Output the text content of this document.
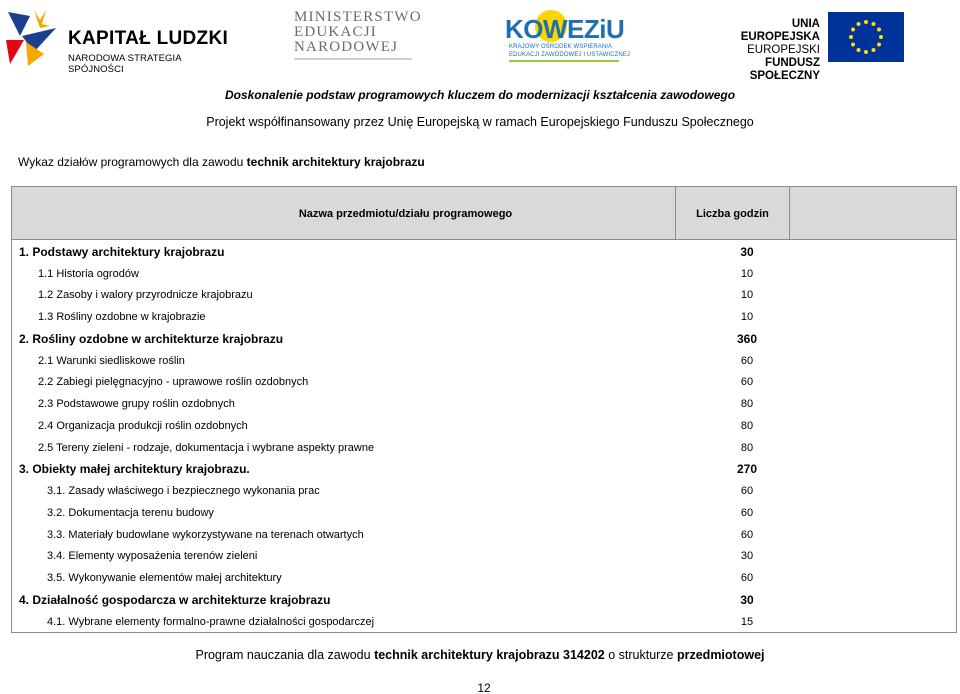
KAPITAŁ LUDZKI
NARODOWA STRATEGIA SPÓJNOŚCI
MINISTERSTWO
EDUKACJI
NARODOWEJ
KOWEZiU
KRAJOWY OŚRODEK WSPIERANIA
EDUKACJI ZAWODOWEJ I USTAWICZNEJ
UNIA EUROPEJSKA
EUROPEJSKI
FUNDUSZ SPOŁECZNY
Doskonalenie podstaw programowych kluczem do modernizacji kształcenia zawodowego
Projekt współfinansowany przez Unię Europejską w ramach Europejskiego Funduszu Społecznego
Wykaz działów programowych dla zawodu technik architektury krajobrazu
Nazwa przedmiotu/działu programowego	Liczba godzin
1. Podstawy architektury krajobrazu	30
1.1 Historia ogrodów	10
1.2 Zasoby i walory przyrodnicze krajobrazu	10
1.3 Rośliny ozdobne w krajobrazie	10
2. Rośliny ozdobne w architekturze krajobrazu	360
2.1 Warunki siedliskowe roślin	60
2.2 Zabiegi pielęgnacyjno - uprawowe roślin ozdobnych	60
2.3 Podstawowe grupy roślin ozdobnych	80
2.4 Organizacja produkcji roślin ozdobnych	80
2.5 Tereny zieleni - rodzaje, dokumentacja i wybrane aspekty prawne	80
3. Obiekty małej architektury krajobrazu.	270
3.1. Zasady właściwego i bezpiecznego wykonania prac	60
3.2. Dokumentacja terenu budowy	60
3.3. Materiały budowlane wykorzystywane na terenach otwartych	60
3.4. Elementy wyposażenia terenów zieleni	30
3.5. Wykonywanie elementów małej architektury	60
4. Działalność gospodarcza w architekturze krajobrazu	30
4.1. Wybrane elementy formalno-prawne działalności gospodarczej	15
Program nauczania dla zawodu technik architektury krajobrazu 314202 o strukturze przedmiotowej
12
